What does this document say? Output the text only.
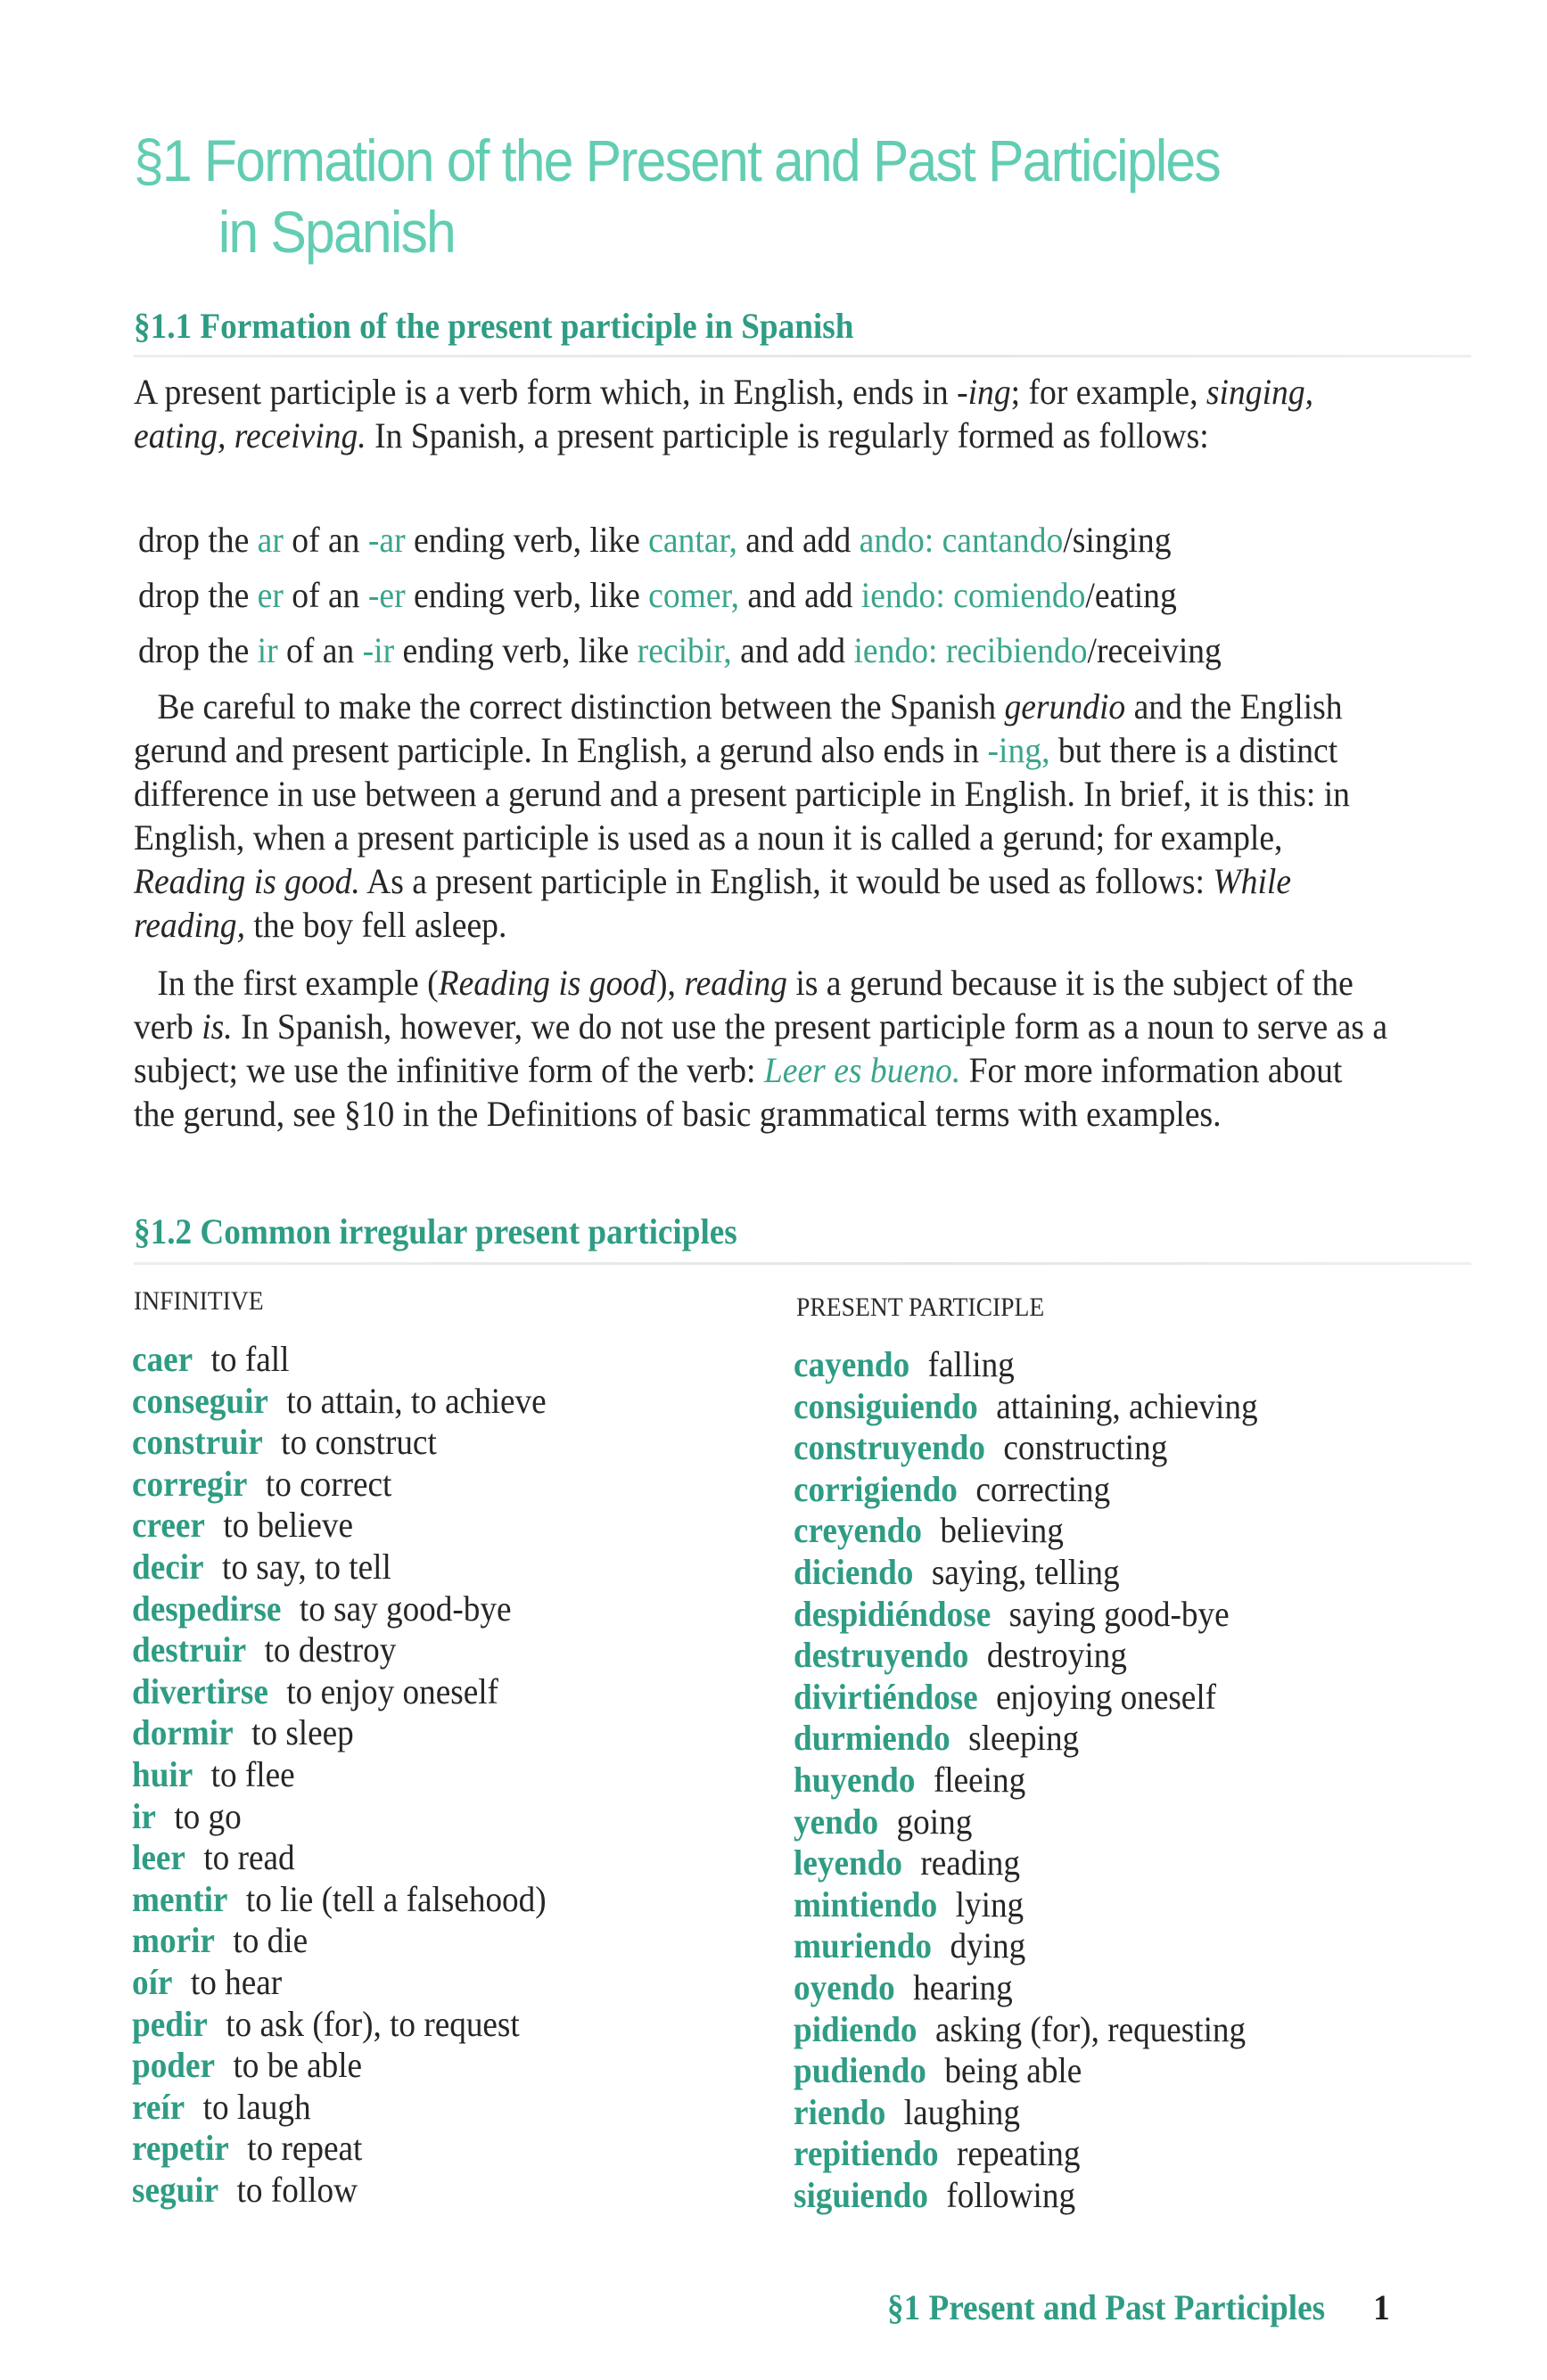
§1 Formation of the Present and Past Participles
in Spanish
§1.1 Formation of the present participle in Spanish
A present participle is a verb form which, in English, ends in -ing; for example, singing, eating, receiving. In Spanish, a present participle is regularly formed as follows:
drop the ar of an -ar ending verb, like cantar, and add ando: cantando/singing
drop the er of an -er ending verb, like comer, and add iendo: comiendo/eating
drop the ir of an -ir ending verb, like recibir, and add iendo: recibiendo/receiving
Be careful to make the correct distinction between the Spanish gerundio and the English gerund and present participle. In English, a gerund also ends in -ing, but there is a distinct difference in use between a gerund and a present participle in English. In brief, it is this: in English, when a present participle is used as a noun it is called a gerund; for example, Reading is good. As a present participle in English, it would be used as follows: While reading, the boy fell asleep.
In the first example (Reading is good), reading is a gerund because it is the subject of the verb is. In Spanish, however, we do not use the present participle form as a noun to serve as a subject; we use the infinitive form of the verb: Leer es bueno. For more information about the gerund, see §10 in the Definitions of basic grammatical terms with examples.
§1.2 Common irregular present participles
INFINITIVE	PRESENT PARTICIPLE
caer to fall
conseguir to attain, to achieve
construir to construct
corregir to correct
creer to believe
decir to say, to tell
despedirse to say good-bye
destruir to destroy
divertirse to enjoy oneself
dormir to sleep
huir to flee
ir to go
leer to read
mentir to lie (tell a falsehood)
morir to die
oír to hear
pedir to ask (for), to request
poder to be able
reír to laugh
repetir to repeat
seguir to follow
cayendo falling
consiguiendo attaining, achieving
construyendo constructing
corrigiendo correcting
creyendo believing
diciendo saying, telling
despidiéndose saying good-bye
destruyendo destroying
divirtiéndose enjoying oneself
durmiendo sleeping
huyendo fleeing
yendo going
leyendo reading
mintiendo lying
muriendo dying
oyendo hearing
pidiendo asking (for), requesting
pudiendo being able
riendo laughing
repitiendo repeating
siguiendo following
§1 Present and Past Participles 1
